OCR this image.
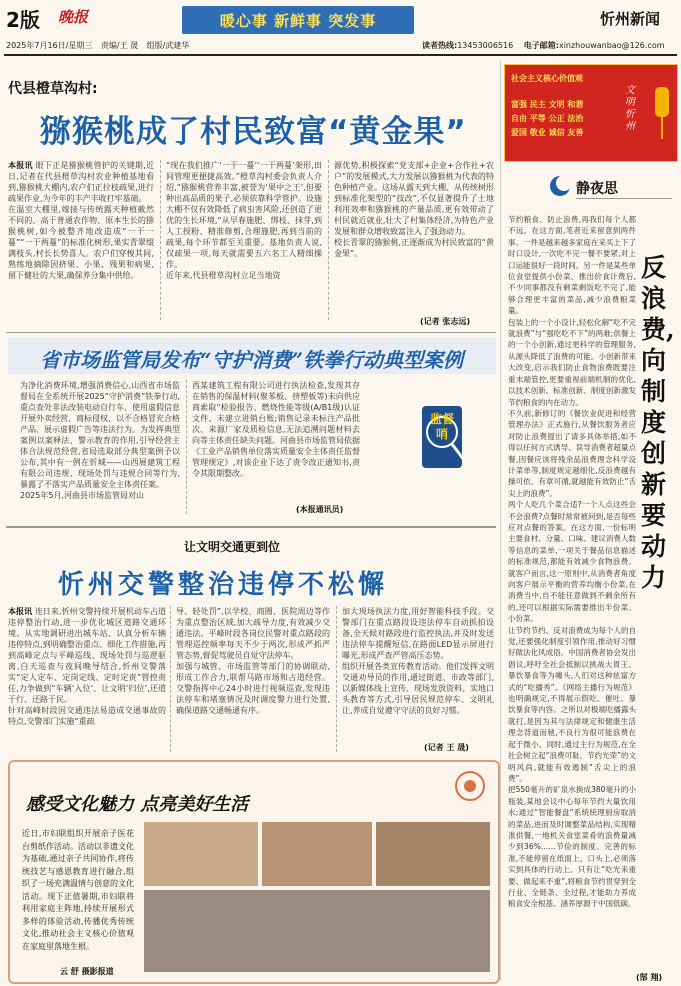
2版 晚报	暖心事 新鲜事 突发事	忻州新闻
2025年7月16日/星期三 责编/王 晟 组版/武建华	读者热线:13453006516 电子邮箱:xinzhouwanbao@126.com
社会主义核心价值观
富强 民主 文明 和谐
自由 平等 公正 法治
爱国 敬业 诚信 友善
文明忻州
代县橙草沟村:
猕猴桃成了村民致富“黄金果”
本报讯 眼下正是猕猴桃管护的关键期,近日,记者在代县橙草沟村农业种植基地看到,猕猴桃大棚内,农户们正拉枝疏果,进行疏果作业,为今年的丰产丰收打牢基础。
在温室大棚里,嫁接与传统露天种植截然不同的、高于普通农作物、原本生长的猕猴桃树,如今被整齐地改造成“一干一蔓”“一干两蔓”的标准化树形,果实青翠缀满枝头,村长长势喜人。农户们穿梭其间,熟练地摘除因挤果、小果、残果和病果,留下健壮的大果,确保养分集中供给。
“现在我们推广‘一干一蔓’‘一干两蔓’架形,田间管理更便捷高效。”橙草沟村委会负责人介绍,“猕猴桃营养丰富,被誉为‘果中之王’,但要种出高品质的果子,必须依靠科学管护。设施大棚不仅有效降低了病虫害风险,还创造了更优的生长环境,“从早春施肥、绑枝、抹芽,到人工授粉、精准修剪,合理施肥,再到当前的疏果,每个环节都至关重要。基地负责人说,仅疏果一项,每天就需要五六名工人精细操作。
近年来,代县橙草沟村立足当地资
源优势,积极探索“党支部+企业+合作社+农户”的发展模式,大力发展以猕猴桃为代表的特色种植产业。这场从露天到大棚、从传统树形到标准化架型的“技改”,不仅显著提升了土地利用效率和猕猴桃的产量品质,更有效带动了村民就近就业,壮大了村集体经济,为特色产业发展和群众增收致富注入了强劲动力。
校长青翠的猕猴桃,正逐渐成为村民致富的“黄金果”。
(记者 张志远)
省市场监管局发布“守护消费”铁拳行动典型案例
为净化消费环境,增强消费信心,山西省市场监督局在全系统开展2025“守护消费”铁拳行动,重点查处非法改装电动自行车、使用虚假信息开展外卖经营、商标侵权、以不合格冒充合格产品、展示虚假广告等违法行为。为发挥典型案例以案释法、警示教育的作用,引导经营主体合法规范经营,省局选取部分典型案例予以公布,其中有一例在忻城——山西展建筑工程有限公司违规、现场处罚与违规合同等行为,暴露了不落实产品质量安全主体责任案。
2025年5月,河曲县市场监管局对山
西某建筑工程有限公司进行执法检查,发现其存在销售的保温材料(聚苯板、挤塑板等)未向供应商索取“检验报告、燃烧性能等级(A/B1级)认证文件、未建立进销台账;销售记录未标注产品批次、来源厂家及质检信息,无法追溯问题材料去向等主体责任缺失问题。河曲县市场监管局依据《工业产品销售单位落实质量安全主体责任监督管理规定》,对该企业下达了责令改正通知书,责令其限期整改。
(本报通讯员)
监督哨
让文明交通更到位
忻州交警整治违停不松懈
本报讯 连日来,忻州交警持续开展机动车占道违停整治行动,进一步优化城区道路交通环境。从实地调研进出城车站、认真分析车辆违停特点,到明确整治重点、细化工作措施,再到高峰定点与平峰巡线、现场处罚与巡逻驱离,白天巡查与夜间晚导结合,忻州交警落实“定人定车、定岗定线、定时定责”管控责任,力争做到“车辆‘入位’、让文明‘归位’,还道于行、还路于民。
针对高峰时段因交通违法易造成交通事故的特点,交警部门实施“重疏
导、轻处罚”,以学校、商圈、医院周边等作为重点整治区域,加大疏导力度,有效减少交通违法。平峰时段各岗位民警对重点路段的管理巡控频率每天不少于两次,形成严抓严管态势,督促驾驶员自觉守法停车。
加强与城管、市场监管等部门的协调联动,形成工作合力,联帮马路市场和占道经营。交警指挥中心24小时进行视频巡查,发现违法停车和堵塞情况及时调度警力进行处置,确保道路交通畅通有序。
加大现场执法力度,用好智能科技手段。交警部门在重点路段设违法停车自动抓拍设备,全天候对路段进行监控执法,并及时发送违法停车提醒短信,在路面LED显示屏进行曝光,形成严查严管高压态势。
组织开展各类宣传教育活动。他们发挥文明交通劝导员的作用,通过街道、市政等部门,以新媒体线上宣传、现场发放资料、实地口头教育等方式,引导居民规范停车、文明礼让,养成自觉遵守守法的良好习惯。
(记者 王 晟)
感受文化魅力 点亮美好生活
近日,市妇联组织开展亲子医花台剪纸作活动。活动以非遗文化为基础,通过亲子共同协作,将传统技艺与感恩教育进行融合,组织了一场充满温情与创意的文化活动。现下正值暑期,市妇联将利用家庭主阵地,持续开展形式多样的体验活动,传播优秀传统文化,推动社会主义核心价值观在家庭里落地生根。
云 舒 摄影报道
静夜思
反浪费,向制度创新要动力
节约粮食、防止浪费,再我们每个人都不远。在这方面,笔者近来留意到两件事。一件是越来越多家庭在采买上下了时口设计,一次吃不完一餐不要紧,对上口运能很好一段时间。另一件是某些单位食堂提供小份菜、推出价食计费后,不少同事都没有剩菜剩饭吃不完了,能够合理更丰富的菜品,减少浪费粮菜量。
包装上的一个小设计,轻松化解“吃不完就浪费”与“强吃吃不下”的两难;供餐上的一个小创新,通过更科学的管理服务,从源头降低了浪费的可能。小创新带来大改变,启示我们防止食物浪费既要注重末端管控,更要重视前端机制的优化,以技术创新、标准创新、制度创新激发节约粮食的内在动力。
不久前,新修订的《餐饮业促进和经营管理办法》正式施行,从餐饮服务者应对防止浪费提出了请多具体举措,如不得以任何方式诱导、误导消费者超量点餐,因餐应该将残余品浪费理念科学设计菜单等,制度规定越细化,反浪费越有操可依、有章可循,就越能有效防止“舌尖上的浪费”。
两个人吃几个菜合适?一个人点这些会不会浪费?点餐时常常被问到,是否每些应对点餐的答案。在这方面,一份标明主要食材、分量、口味、建议消费人数等信息的菜单,一项关于餐品信息描述的标准规范,都能有效减少食物浪费。就客户而言,这一原则中,从消费者角度向客户展示平衡的营养均衡小份菜,在消费当中,自不能任意做到不剩余所有的,还可以根据实际需要推出半份菜、小份菜。
让节约节约、反对浪费成为每个人的自觉,还要强化制度引领作用,推动好习惯好做法化风成俗。中国消费者协会发出倡议,呼吁全社会抵制以挑战大胃王、暴饮暴食等为噱头,人们对这种炫富方式的“吃播秀”。《网络主播行为规范》也明确规定,不得展示假吃、催吐、暴饮暴食等内容。之所以对极端吃播露头就打,是因为其与法律规定和健康生活理念背道而驰,不良行为很可能浪费在起于微小、同时,通过主行为规范,在全社会树立起“浪费可耻、节约光荣”的文明风尚,就能有效遏制“舌尖上的浪费”。
把550毫升的矿泉水换成380毫升的小瓶装,某地会议中心每年节约大量饮用水;通过“智能餐盘”系统统理厨房取消的菜品,进而及时调整菜品结构,实现精准供餐,一地机关食堂菜肴的浪费量减少到36%……节俭的制度、完善的标准,不能停留在纸面上、口头上,必须落实到具体的行动上。只有让“吃光来重要、做起来不重”,将粮食节约贯穿到全行业、全链条、全过程,才能助力养成粮食安全根基、涵养厚源于中国低碳。
(郜 翔)
